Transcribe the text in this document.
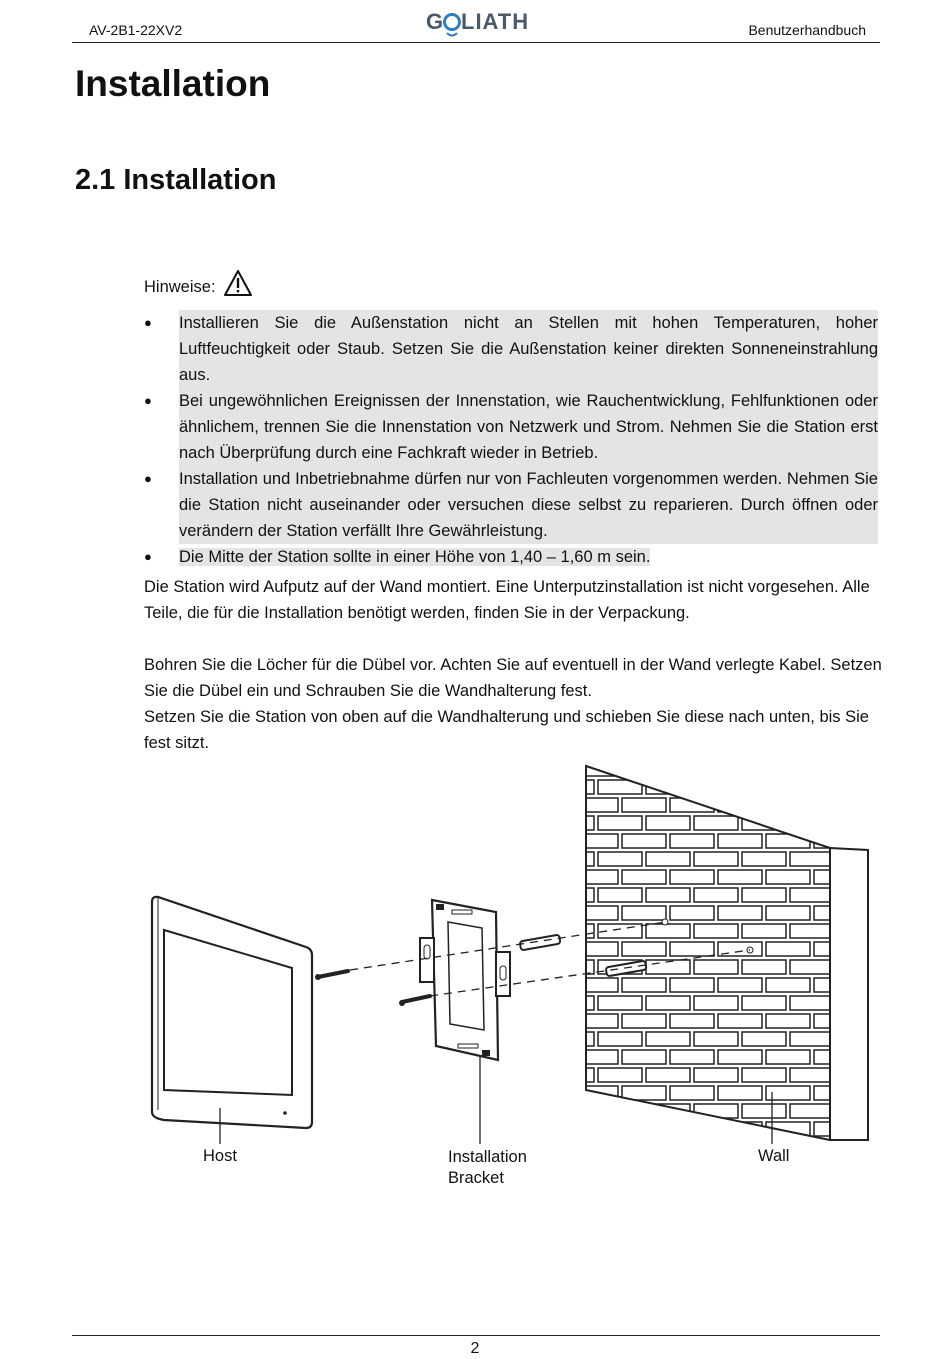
AV-2B1-22XV2	G LIATH	Benutzerhandbuch
Installation
2.1 Installation
Hinweise:
● Installieren Sie die Außenstation nicht an Stellen mit hohen Temperaturen, hoher Luftfeuchtigkeit oder Staub. Setzen Sie die Außenstation keiner direkten Sonneneinstrahlung aus.
● Bei ungewöhnlichen Ereignissen der Innenstation, wie Rauchentwicklung, Fehlfunktionen oder ähnlichem, trennen Sie die Innenstation von Netzwerk und Strom. Nehmen Sie die Station erst nach Überprüfung durch eine Fachkraft wieder in Betrieb.
● Installation und Inbetriebnahme dürfen nur von Fachleuten vorgenommen werden. Nehmen Sie die Station nicht auseinander oder versuchen diese selbst zu reparieren. Durch öffnen oder verändern der Station verfällt Ihre Gewährleistung.
● Die Mitte der Station sollte in einer Höhe von 1,40 – 1,60 m sein.
Die Station wird Aufputz auf der Wand montiert. Eine Unterputzinstallation ist nicht vorgesehen. Alle Teile, die für die Installation benötigt werden, finden Sie in der Verpackung.
Bohren Sie die Löcher für die Dübel vor. Achten Sie auf eventuell in der Wand verlegte Kabel. Setzen Sie die Dübel ein und Schrauben Sie die Wandhalterung fest.
Setzen Sie die Station von oben auf die Wandhalterung und schieben Sie diese nach unten, bis Sie fest sitzt.
Host	Installation
Bracket
Wall
2
